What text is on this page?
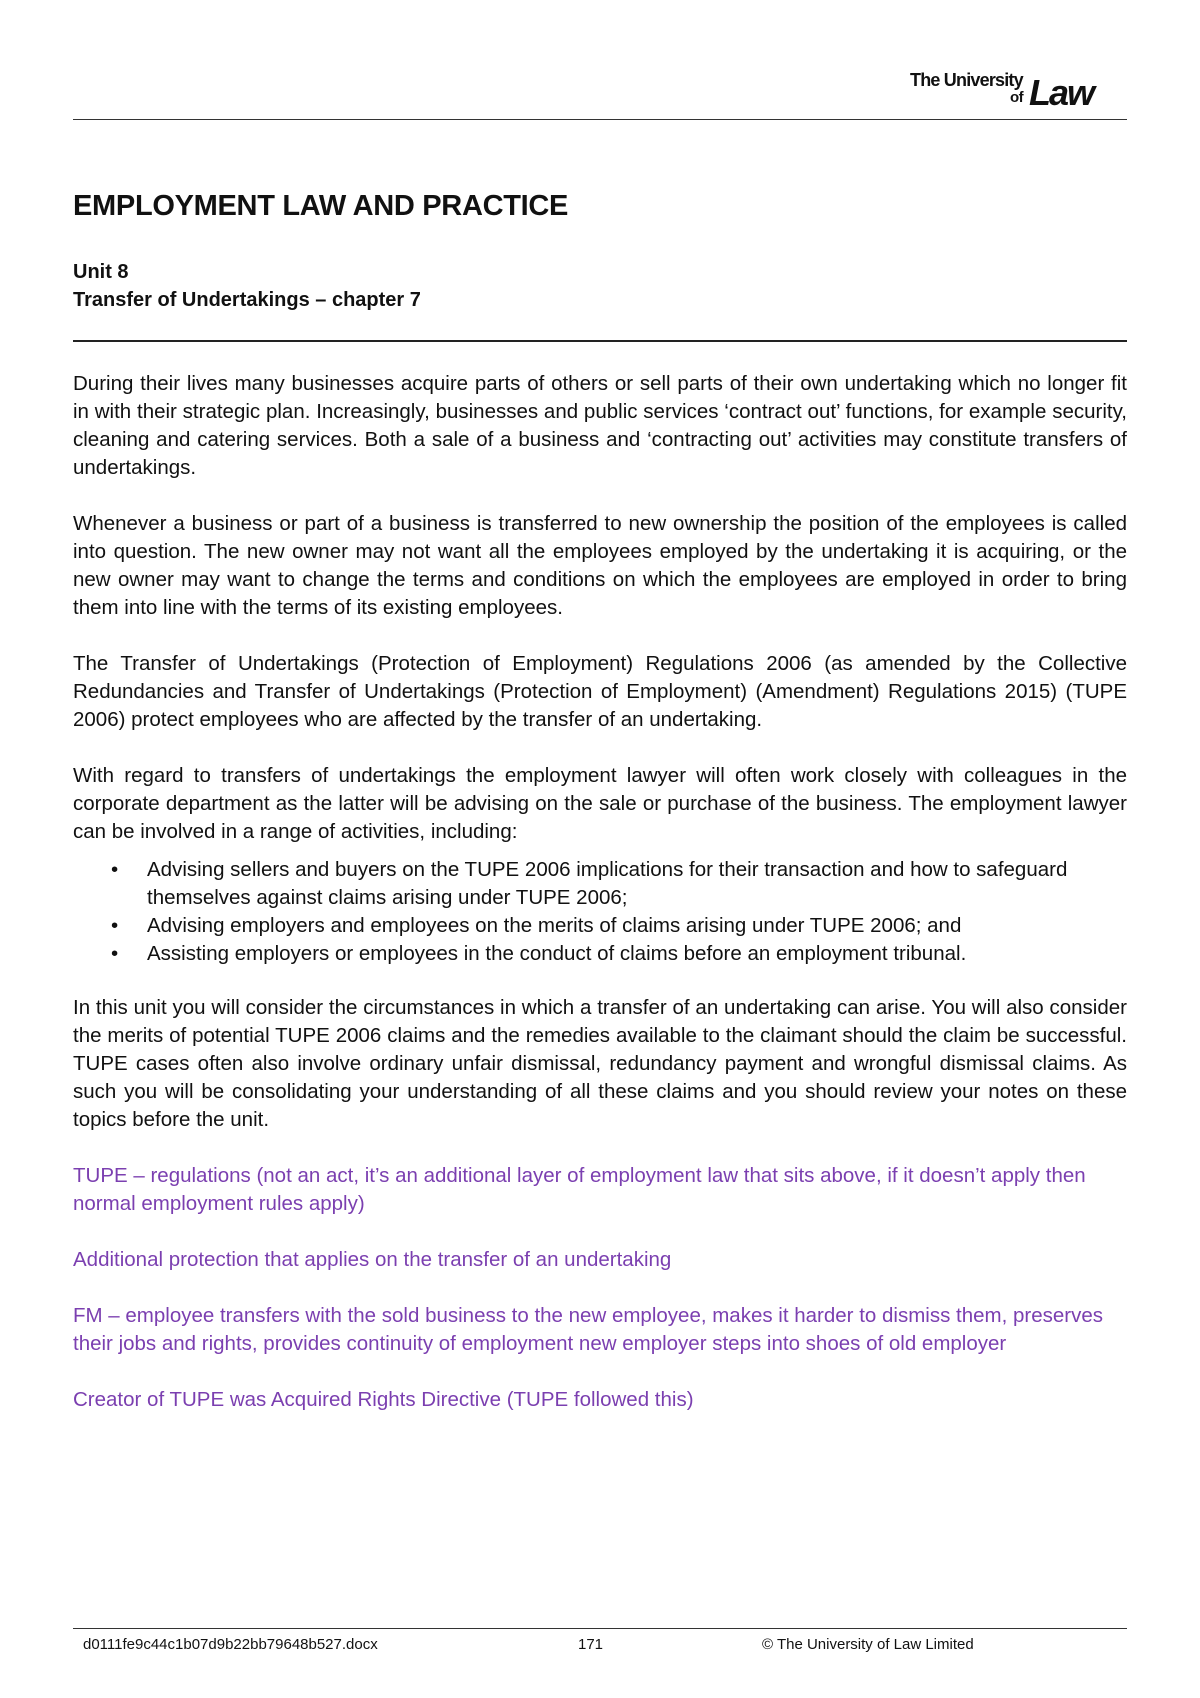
The University
of Law
EMPLOYMENT LAW AND PRACTICE
Unit 8
Transfer of Undertakings – chapter 7

During their lives many businesses acquire parts of others or sell parts of their own undertaking which no longer fit in with their strategic plan. Increasingly, businesses and public services ‘contract out’ functions, for example security, cleaning and catering services. Both a sale of a business and ‘contracting out’ activities may constitute transfers of undertakings.

Whenever a business or part of a business is transferred to new ownership the position of the employees is called into question. The new owner may not want all the employees employed by the undertaking it is acquiring, or the new owner may want to change the terms and conditions on which the employees are employed in order to bring them into line with the terms of its existing employees.

The Transfer of Undertakings (Protection of Employment) Regulations 2006 (as amended by the Collective Redundancies and Transfer of Undertakings (Protection of Employment) (Amendment) Regulations 2015) (TUPE 2006) protect employees who are affected by the transfer of an undertaking.

With regard to transfers of undertakings the employment lawyer will often work closely with colleagues in the corporate department as the latter will be advising on the sale or purchase of the business. The employment lawyer can be involved in a range of activities, including:

• Advising sellers and buyers on the TUPE 2006 implications for their transaction and how to safeguard themselves against claims arising under TUPE 2006;
• Advising employers and employees on the merits of claims arising under TUPE 2006; and
• Assisting employers or employees in the conduct of claims before an employment tribunal.

In this unit you will consider the circumstances in which a transfer of an undertaking can arise. You will also consider the merits of potential TUPE 2006 claims and the remedies available to the claimant should the claim be successful. TUPE cases often also involve ordinary unfair dismissal, redundancy payment and wrongful dismissal claims. As such you will be consolidating your understanding of all these claims and you should review your notes on these topics before the unit.

TUPE – regulations (not an act, it’s an additional layer of employment law that sits above, if it doesn’t apply then normal employment rules apply)

Additional protection that applies on the transfer of an undertaking

FM – employee transfers with the sold business to the new employee, makes it harder to dismiss them, preserves their jobs and rights, provides continuity of employment new employer steps into shoes of old employer

Creator of TUPE was Acquired Rights Directive (TUPE followed this)

d0111fe9c44c1b07d9b22bb79648b527.docx	171	© The University of Law Limited
